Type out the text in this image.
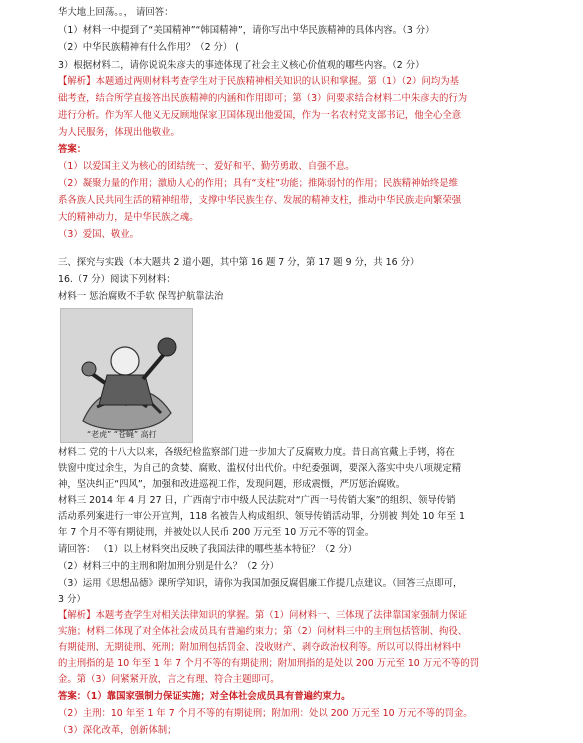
华大地上回荡。。， 请回答：
（1）材料一中提到了“美国精神”“韩国精神”，请你写出中华民族精神的具体内容。（3 分）
（2）中华民族精神有什么作用？（2 分） (
3）根据材料二，请你说说朱彦夫的事迹体现了社会主义核心价值观的哪些内容。（2 分）
【解析】本题通过两则材料考查学生对于民族精神相关知识的认识和掌握。第（1）（2）问均为基
础考查，结合所学直接答出民族精神的内涵和作用即可；第（3）问要求结合材料二中朱彦夫的行为
进行分析。作为军人他义无反顾地保家卫国体现出他爱国，作为一名农村党支部书记，他全心全意
为人民服务，体现出他敬业。
答案：
（1）以爱国主义为核心的团结统一、爱好和平、勤劳勇敢、自强不息。
（2）凝聚力量的作用；激励人心的作用；具有“支柱”功能；推陈弱忖的作用；民族精神始终是维
系各族人民共同生活的精神纽带，支撑中华民族生存、发展的精神支柱，推动中华民族走向繁荣强
大的精神动力，是中华民族之魂。
（3）爱国、敬业。
三、探究与实践（本大题共 2 道小题，其中第 16 题 7 分，第 17 题 9 分，共 16 分）
16.（7 分）阅读下列材料：
材料一 惩治腐败不手软 保驾护航靠法治
“老虎” “苍蝇” 高打
材料二 党的十八大以来，各级纪检监察部门进一步加大了反腐败力度。昔日高官戴上手铐，将在
铁窗中度过余生，为自己的贪婪、腐败、滥权付出代价。中纪委强调，要深入落实中央八项规定精
神，坚决纠正“四风”，加强和改进巡视工作，发现问题，形成震慑，严厉惩治腐败。
材料三 2014 年 4 月 27 日，广西南宁市中级人民法院对“广西一号传销大案”的组织、领导传销
活动系列案进行一审公开宣判，118 名被告人构成组织、领导传销活动罪，分别被 判处 10 年至 1
年 7 个月不等有期徒刑，并被处以人民币 200 万元至 10 万元不等的罚金。
请回答： （1）以上材料突出反映了我国法律的哪些基本特征？（2 分）
（2）材料三中的主刑和附加刑分别是什么？（2 分）
（3）运用《思想品德》课所学知识，请你为我国加强反腐倡廉工作提几点建议。（回答三点即可，
3 分）
【解析】本题考查学生对相关法律知识的掌握。第（1）问材料一、三体现了法律靠国家强制力保证
实施；材料二体现了对全体社会成员具有普遍约束力；第（2）问材料三中的主刑包括管制、拘役、
有期徒刑、无期徒刑、死刑；附加刑包括罚金、没收财产、剥夺政治权利等。所以可以得出材料中
的主刑指的是 10 年至 1 年 7 个月不等的有期徒刑；附加刑指的是处以 200 万元至 10 万元不等的罚
金。第（3）问紧紧开放，言之有理、符合主题即可。
答案：（1）靠国家强制力保证实施；对全体社会成员具有普遍约束力。
（2）主刑：10 年至 1 年 7 个月不等的有期徒刑；附加刑：处以 200 万元至 10 万元不等的罚金。
（3）深化改革，创新体制；
